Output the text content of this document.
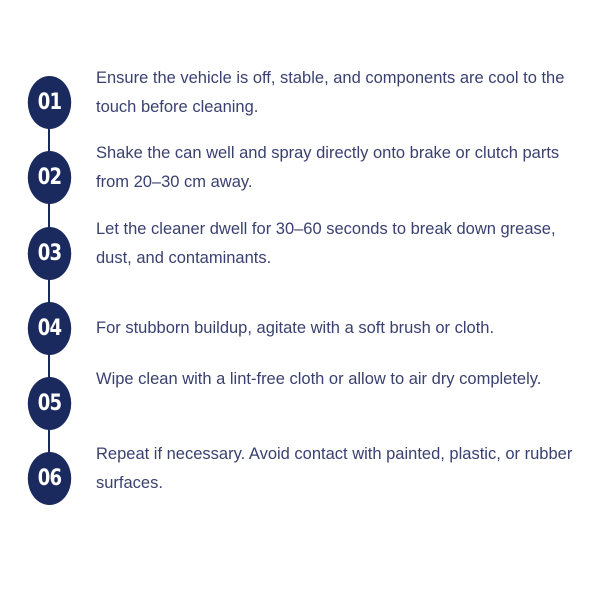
01
Ensure the vehicle is off, stable, and components are cool to the touch before cleaning.
02
Shake the can well and spray directly onto brake or clutch parts from 20–30 cm away.
03
Let the cleaner dwell for 30–60 seconds to break down grease, dust, and contaminants.
04 For stubborn buildup, agitate with a soft brush or cloth.
05
Wipe clean with a lint-free cloth or allow to air dry completely.
06
Repeat if necessary. Avoid contact with painted, plastic, or rubber surfaces.
